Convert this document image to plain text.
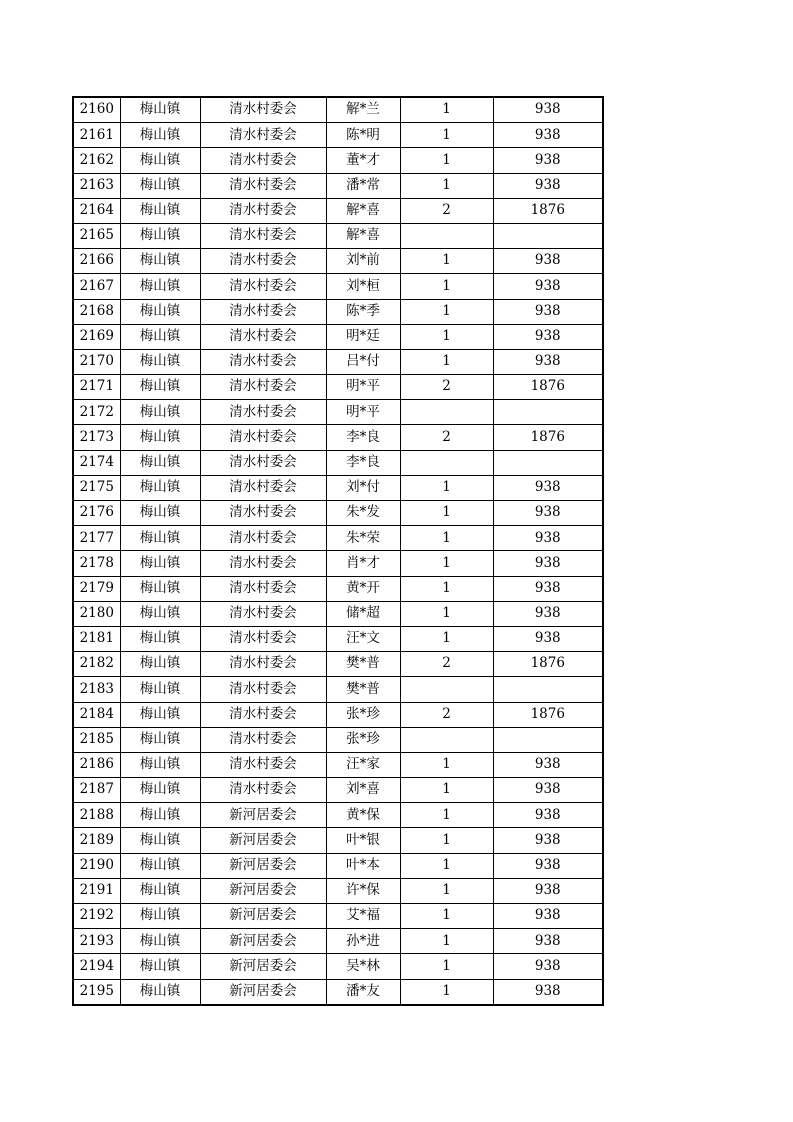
2160	梅山镇	清水村委会	解*兰	1	938
2161	梅山镇	清水村委会	陈*明	1	938
2162	梅山镇	清水村委会	董*才	1	938
2163	梅山镇	清水村委会	潘*常	1	938
2164	梅山镇	清水村委会	解*喜	2	1876
2165	梅山镇	清水村委会	解*喜		
2166	梅山镇	清水村委会	刘*前	1	938
2167	梅山镇	清水村委会	刘*桓	1	938
2168	梅山镇	清水村委会	陈*季	1	938
2169	梅山镇	清水村委会	明*廷	1	938
2170	梅山镇	清水村委会	吕*付	1	938
2171	梅山镇	清水村委会	明*平	2	1876
2172	梅山镇	清水村委会	明*平		
2173	梅山镇	清水村委会	李*良	2	1876
2174	梅山镇	清水村委会	李*良		
2175	梅山镇	清水村委会	刘*付	1	938
2176	梅山镇	清水村委会	朱*发	1	938
2177	梅山镇	清水村委会	朱*荣	1	938
2178	梅山镇	清水村委会	肖*才	1	938
2179	梅山镇	清水村委会	黄*开	1	938
2180	梅山镇	清水村委会	储*超	1	938
2181	梅山镇	清水村委会	汪*文	1	938
2182	梅山镇	清水村委会	樊*普	2	1876
2183	梅山镇	清水村委会	樊*普		
2184	梅山镇	清水村委会	张*珍	2	1876
2185	梅山镇	清水村委会	张*珍		
2186	梅山镇	清水村委会	汪*家	1	938
2187	梅山镇	清水村委会	刘*喜	1	938
2188	梅山镇	新河居委会	黄*保	1	938
2189	梅山镇	新河居委会	叶*银	1	938
2190	梅山镇	新河居委会	叶*本	1	938
2191	梅山镇	新河居委会	许*保	1	938
2192	梅山镇	新河居委会	艾*福	1	938
2193	梅山镇	新河居委会	孙*进	1	938
2194	梅山镇	新河居委会	吴*林	1	938
2195	梅山镇	新河居委会	潘*友	1	938
